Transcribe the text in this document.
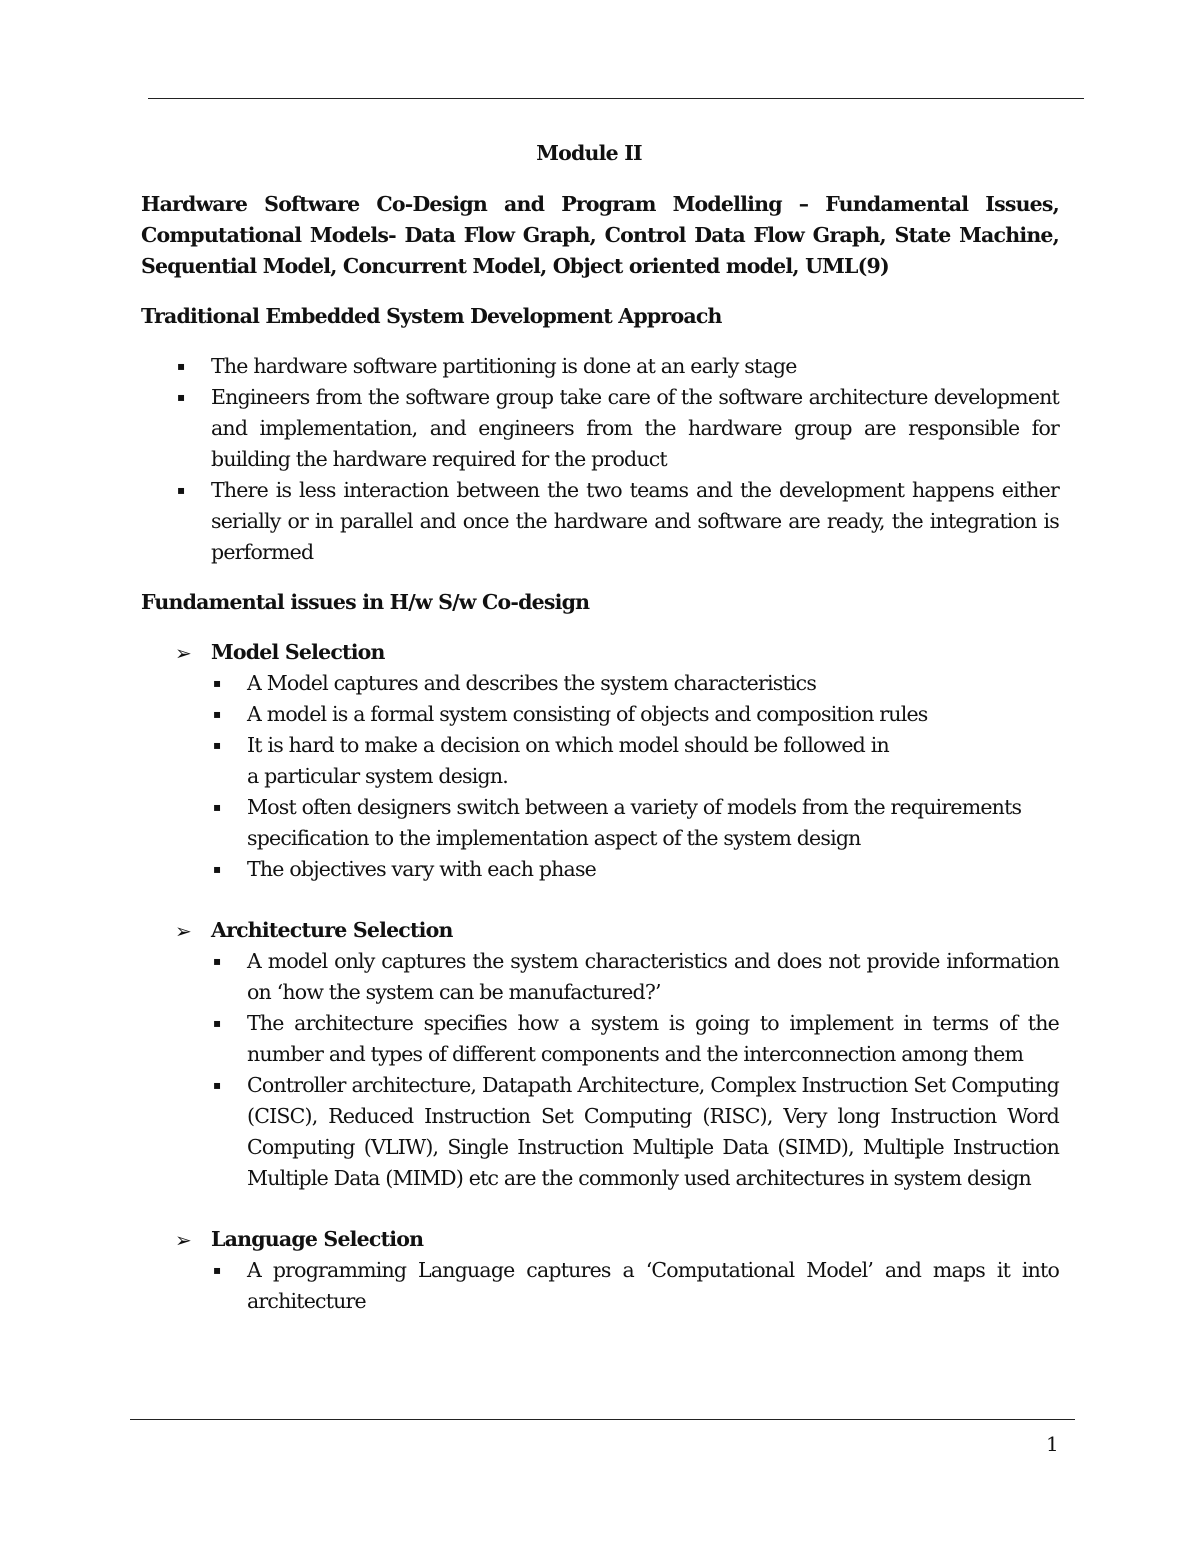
Module II
Hardware Software Co-Design and Program Modelling – Fundamental Issues, Computational Models- Data Flow Graph, Control Data Flow Graph, State Machine, Sequential Model, Concurrent Model, Object oriented model, UML(9)
Traditional Embedded System Development Approach
▪ The hardware software partitioning is done at an early stage
▪ Engineers from the software group take care of the software architecture development and implementation, and engineers from the hardware group are responsible for building the hardware required for the product
▪ There is less interaction between the two teams and the development happens either serially or in parallel and once the hardware and software are ready, the integration is performed
Fundamental issues in H/w S/w Co-design
➢ Model Selection
▪ A Model captures and describes the system characteristics
▪ A model is a formal system consisting of objects and composition rules
▪ It is hard to make a decision on which model should be followed in a particular system design.
▪ Most often designers switch between a variety of models from the requirements specification to the implementation aspect of the system design
▪ The objectives vary with each phase
➢ Architecture Selection
▪ A model only captures the system characteristics and does not provide information on ‘how the system can be manufactured?’
▪ The architecture specifies how a system is going to implement in terms of the number and types of different components and the interconnection among them
▪ Controller architecture, Datapath Architecture, Complex Instruction Set Computing (CISC), Reduced Instruction Set Computing (RISC), Very long Instruction Word Computing (VLIW), Single Instruction Multiple Data (SIMD), Multiple Instruction Multiple Data (MIMD) etc are the commonly used architectures in system design
➢ Language Selection
▪ A programming Language captures a ‘Computational Model’ and maps it into architecture
1
